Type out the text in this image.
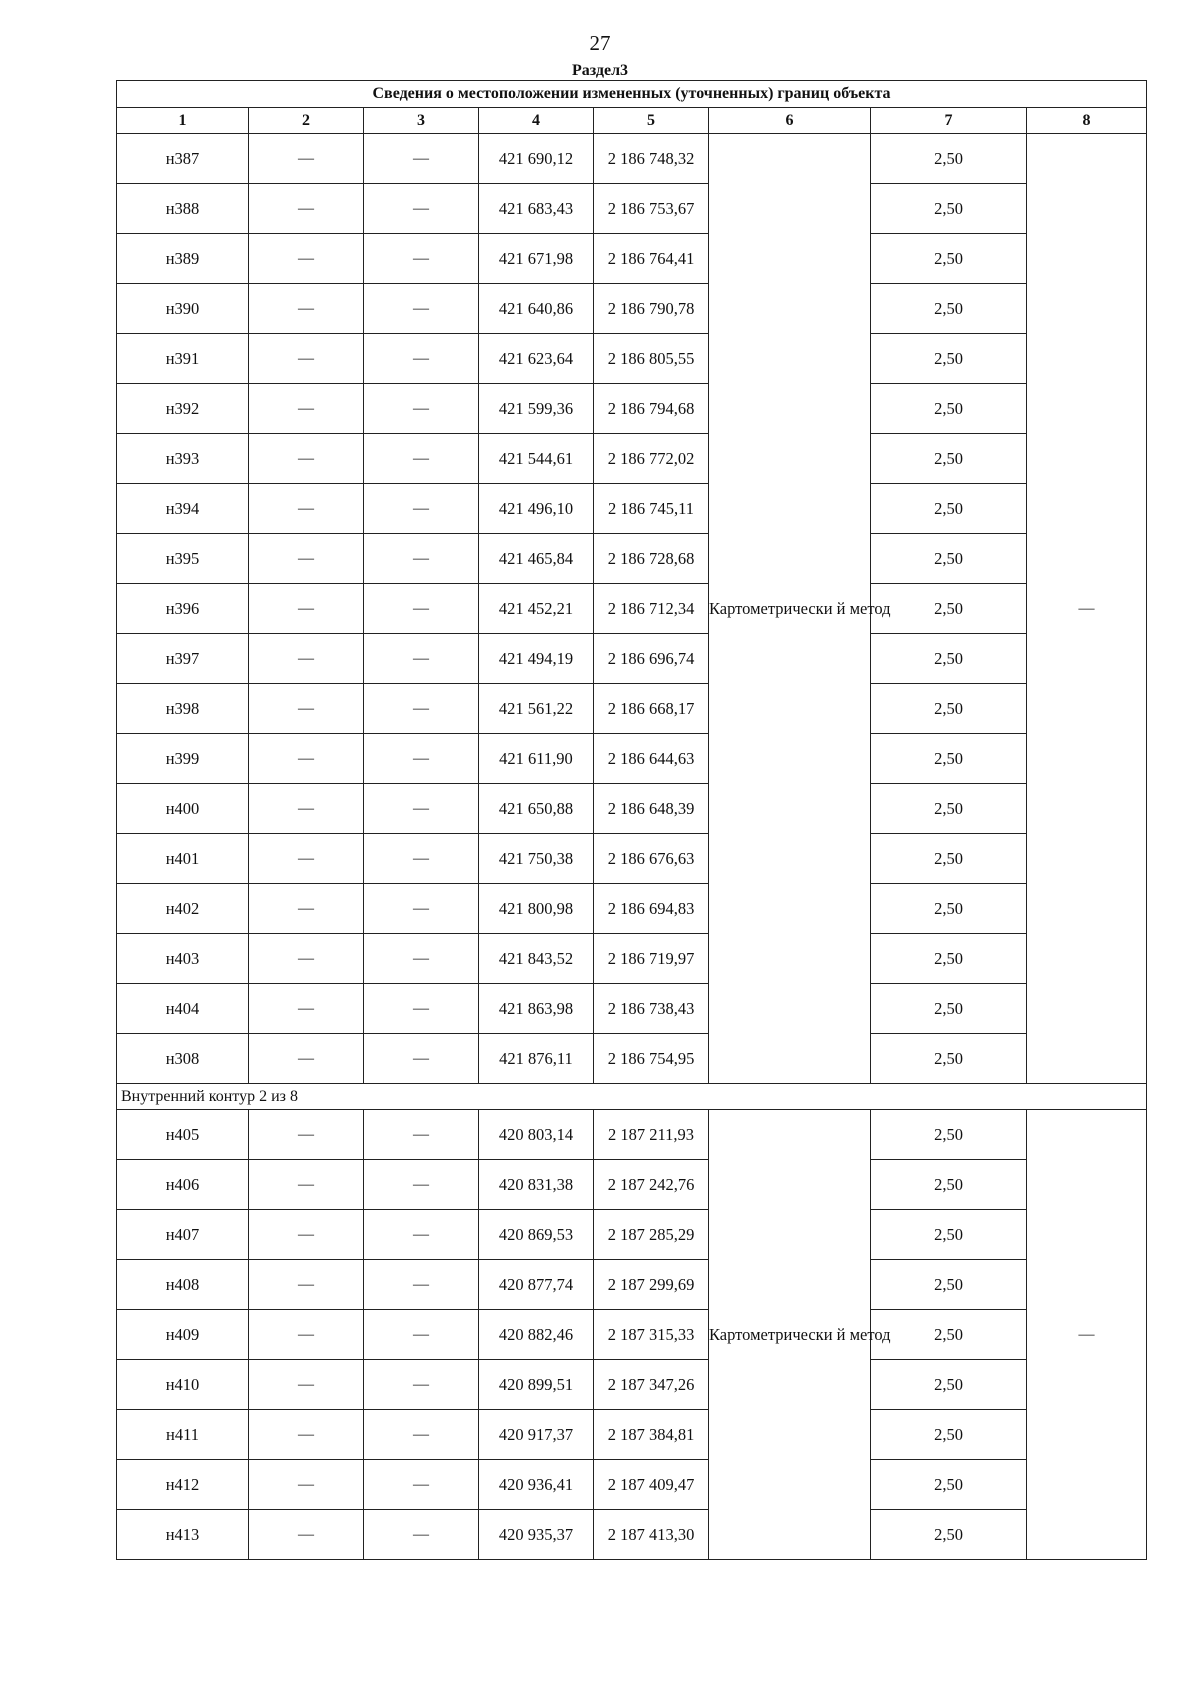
27
Раздел3
Сведения о местоположении измененных (уточненных) границ объекта							
1	2	3	4	5	6	7	8
н387	—	—	421 690,12	2 186 748,32	Картометрически й метод	2,50	—
н388	—	—	421 683,43	2 186 753,67		2,50	
н389	—	—	421 671,98	2 186 764,41		2,50	
н390	—	—	421 640,86	2 186 790,78		2,50	
н391	—	—	421 623,64	2 186 805,55		2,50	
н392	—	—	421 599,36	2 186 794,68		2,50	
н393	—	—	421 544,61	2 186 772,02		2,50	
н394	—	—	421 496,10	2 186 745,11		2,50	
н395	—	—	421 465,84	2 186 728,68		2,50	
н396	—	—	421 452,21	2 186 712,34		2,50	
н397	—	—	421 494,19	2 186 696,74		2,50	
н398	—	—	421 561,22	2 186 668,17		2,50	
н399	—	—	421 611,90	2 186 644,63		2,50	
н400	—	—	421 650,88	2 186 648,39		2,50	
н401	—	—	421 750,38	2 186 676,63		2,50	
н402	—	—	421 800,98	2 186 694,83		2,50	
н403	—	—	421 843,52	2 186 719,97		2,50	
н404	—	—	421 863,98	2 186 738,43		2,50	
н308	—	—	421 876,11	2 186 754,95		2,50	
Внутренний контур 2 из 8							
н405	—	—	420 803,14	2 187 211,93	Картометрически й метод	2,50	—
н406	—	—	420 831,38	2 187 242,76		2,50	
н407	—	—	420 869,53	2 187 285,29		2,50	
н408	—	—	420 877,74	2 187 299,69		2,50	
н409	—	—	420 882,46	2 187 315,33		2,50	
н410	—	—	420 899,51	2 187 347,26		2,50	
н411	—	—	420 917,37	2 187 384,81		2,50	
н412	—	—	420 936,41	2 187 409,47		2,50	
н413	—	—	420 935,37	2 187 413,30		2,50	
